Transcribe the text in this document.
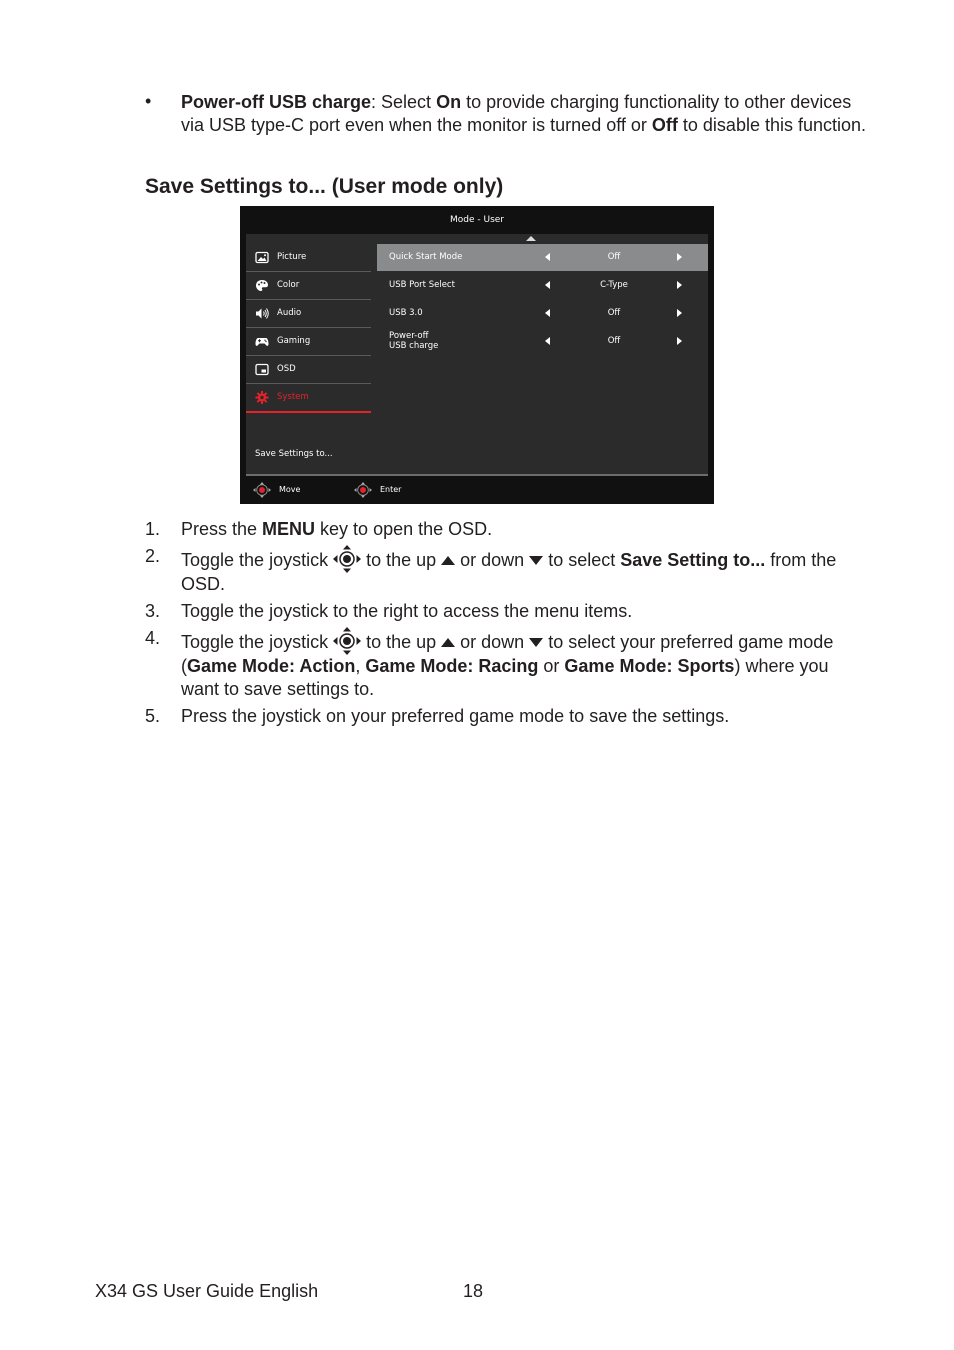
• Power-off USB charge: Select On to provide charging functionality to other devices via USB type-C port even when the monitor is turned off or Off to disable this function.
Save Settings to... (User mode only)
Mode - User
Picture
Color
Audio
Gaming
OSD
System
Quick Start Mode	Off
USB Port Select	C-Type
USB 3.0	Off
Power-off
USB charge	Off
Save Settings to...
Move	Enter
1. Press the MENU key to open the OSD.
2. Toggle the joystick to the up or down to select Save Setting to... from the OSD.
3. Toggle the joystick to the right to access the menu items.
4. Toggle the joystick to the up or down to select your preferred game mode (Game Mode: Action, Game Mode: Racing or Game Mode: Sports) where you want to save settings to.
5. Press the joystick on your preferred game mode to save the settings.
X34 GS User Guide English	18
